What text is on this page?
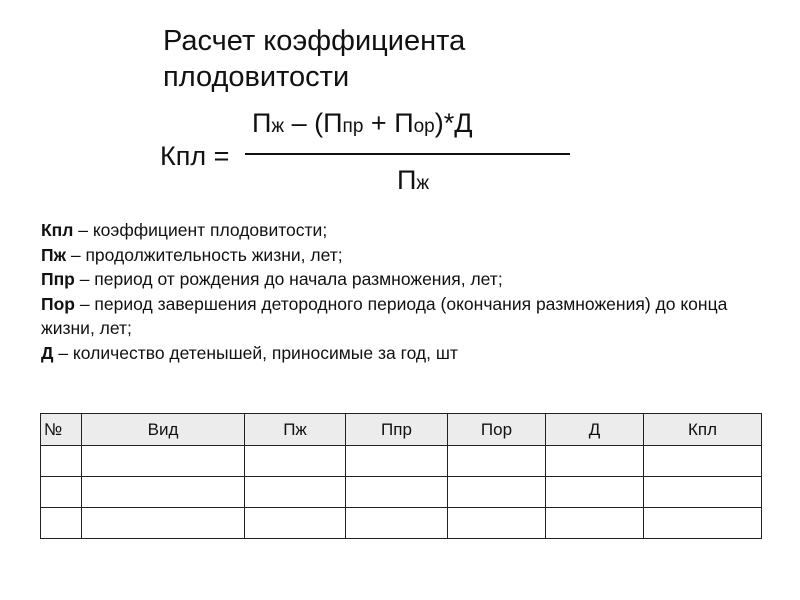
Расчет коэффициента плодовитости
Кпл =
Пж – (Ппр + Пор)*Д
Пж

Кпл – коэффициент плодовитости;

Пж – продолжительность жизни, лет;

Ппр – период от рождения до начала размножения, лет;

Пор – период завершения детородного периода (окончания размножения) до конца жизни, лет;

Д – количество детенышей, приносимые за год, шт

№	Вид	Пж	Ппр	Пор	Д	Кпл
